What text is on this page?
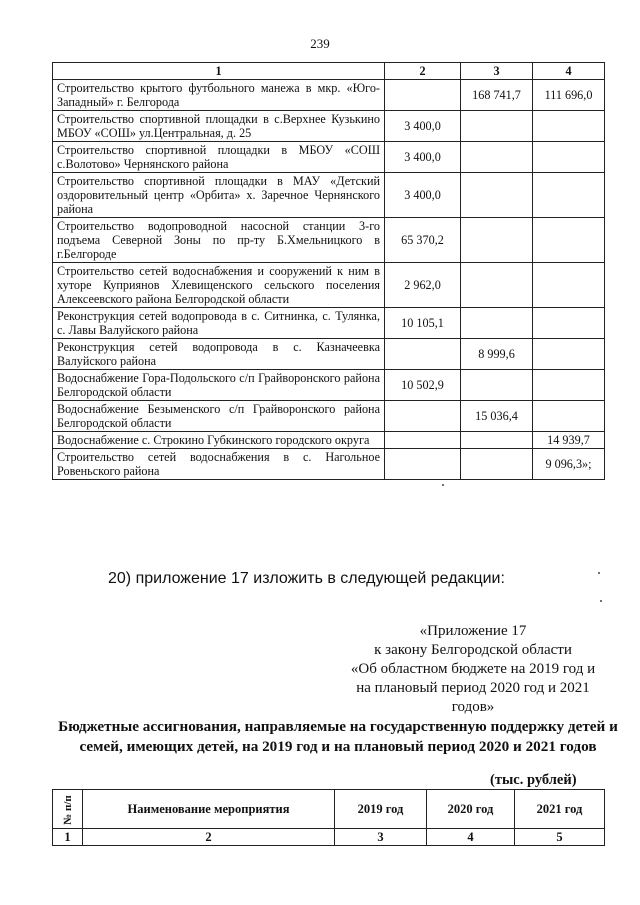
239
1	2	3	4
Строительство крытого футбольного манежа в мкр. «Юго-Западный» г. Белгорода		168 741,7	111 696,0
Строительство спортивной площадки в с.Верхнее Кузькино МБОУ «СОШ» ул.Центральная, д. 25	3 400,0		
Строительство спортивной площадки в МБОУ «СОШ с.Волотово» Чернянского района	3 400,0		
Строительство спортивной площадки в МАУ «Детский оздоровительный центр «Орбита» х. Заречное Чернянского района	3 400,0		
Строительство водопроводной насосной станции 3-го подъема Северной Зоны по пр-ту Б.Хмельницкого в г.Белгороде	65 370,2		
Строительство сетей водоснабжения и сооружений к ним в хуторе Куприянов Хлевищенского сельского поселения Алексеевского района Белгородской области	2 962,0		
Реконструкция сетей водопровода в с. Ситнинка, с. Тулянка, с. Лавы Валуйского района	10 105,1		
Реконструкция сетей водопровода в с. Казначеевка Валуйского района		8 999,6	
Водоснабжение Гора-Подольского с/п Грайворонского района Белгородской области	10 502,9		
Водоснабжение Безыменского с/п Грайворонского района Белгородской области		15 036,4	
Водоснабжение с. Строкино Губкинского городского округа			14 939,7
Строительство сетей водоснабжения в с. Нагольное Ровеньского района			9 096,3»;
20) приложение 17 изложить в следующей редакции:
«Приложение 17
к закону Белгородской области
«Об областном бюджете на 2019 год и
на плановый период 2020 год и 2021
годов»
Бюджетные ассигнования, направляемые на государственную поддержку детей и семей, имеющих детей, на 2019 год и на плановый период 2020 и 2021 годов
(тыс. рублей)
№ п/п	Наименование мероприятия	2019 год	2020 год	2021 год
1	2	3	4	5
